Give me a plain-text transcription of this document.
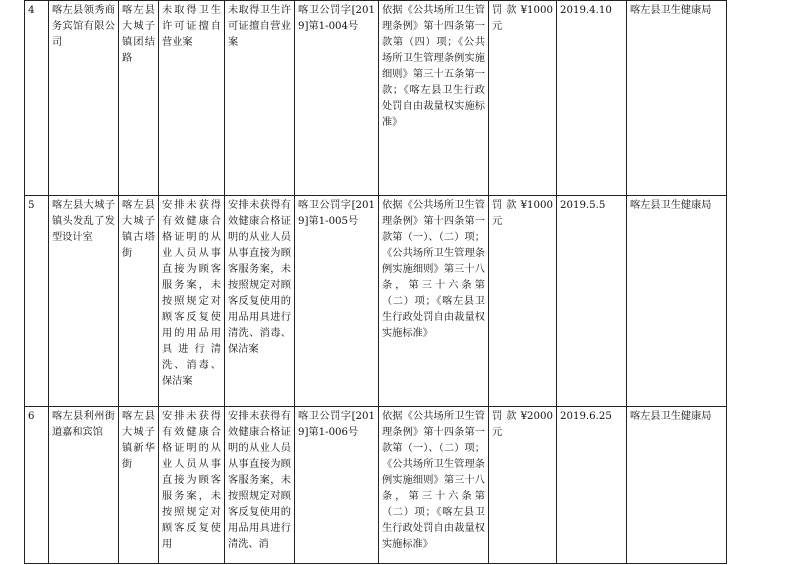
4	喀左县领秀商务宾馆有限公司	喀左县大城子镇团结路	未取得卫生许可证擅自营业案	未取得卫生许可证擅自营业案	喀卫公罚字[2019]第1-004号	依据《公共场所卫生管理条例》第十四条第一款第（四）项；《公共场所卫生管理条例实施细则》第三十五条第一款；《喀左县卫生行政处罚自由裁量权实施标准》	罚款¥1000元	2019.4.10	喀左县卫生健康局
5	喀左县大城子镇头发乱了发型设计室	喀左县大城子镇古塔街	安排未获得有效健康合格证明的从业人员从事直接为顾客服务案，未按照规定对顾客反复使用的用品用具进行清洗、消毒、保洁案	安排未获得有效健康合格证明的从业人员从事直接为顾客服务案，未按照规定对顾客反复使用的用品用具进行清洗、消毒、保洁案	喀卫公罚字[2019]第1-005号	依据《公共场所卫生管理条例》第十四条第一款第（一）、（二）项；《公共场所卫生管理条例实施细则》第三十八条，第三十六条第（二）项；《喀左县卫生行政处罚自由裁量权实施标准》	罚款¥1000元	2019.5.5	喀左县卫生健康局
6	喀左县利州街道嘉和宾馆	喀左县大城子镇新华街	安排未获得有效健康合格证明的从业人员从事直接为顾客服务案，未按照规定对顾客反复使用	安排未获得有效健康合格证明的从业人员从事直接为顾客服务案，未按照规定对顾客反复使用的用品用具进行清洗、消	喀卫公罚字[2019]第1-006号	依据《公共场所卫生管理条例》第十四条第一款第（一）、（二）项；《公共场所卫生管理条例实施细则》第三十八条，第三十六条第（二）项；《喀左县卫生行政处罚自由裁量权实施标准》	罚款¥2000元	2019.6.25	喀左县卫生健康局
